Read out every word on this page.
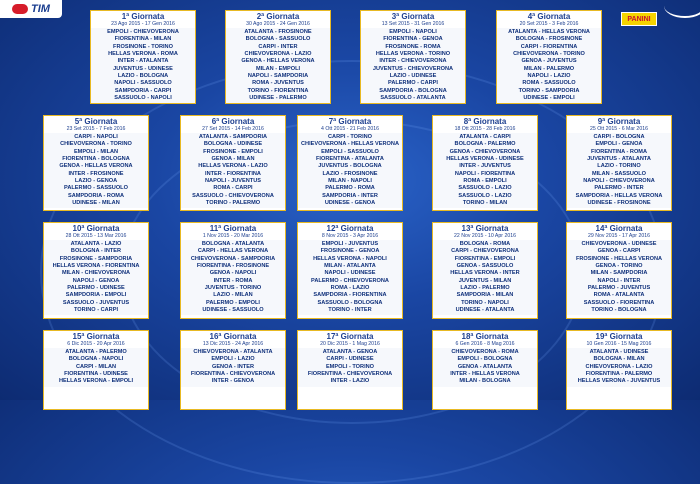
TIM
PANINI
1ª Giornata
23 Ago 2015 - 17 Gen 2016
EMPOLI - CHIEVOVERONA
FIORENTINA - MILAN
FROSINONE - TORINO
HELLAS VERONA - ROMA
INTER - ATALANTA
JUVENTUS - UDINESE
LAZIO - BOLOGNA
NAPOLI - SASSUOLO
SAMPDORIA - CARPI
SASSUOLO - NAPOLI
2ª Giornata
30 Ago 2015 - 24 Gen 2016
ATALANTA - FROSINONE
BOLOGNA - SASSUOLO
CARPI - INTER
CHIEVOVERONA - LAZIO
GENOA - HELLAS VERONA
MILAN - EMPOLI
NAPOLI - SAMPDORIA
ROMA - JUVENTUS
TORINO - FIORENTINA
UDINESE - PALERMO
3ª Giornata
13 Set 2015 - 31 Gen 2016
EMPOLI - NAPOLI
FIORENTINA - GENOA
FROSINONE - ROMA
HELLAS VERONA - TORINO
INTER - CHIEVOVERONA
JUVENTUS - CHIEVOVERONA
LAZIO - UDINESE
PALERMO - CARPI
SAMPDORIA - BOLOGNA
SASSUOLO - ATALANTA
4ª Giornata
20 Set 2015 - 3 Feb 2016
ATALANTA - HELLAS VERONA
BOLOGNA - FROSINONE
CARPI - FIORENTINA
CHIEVOVERONA - TORINO
GENOA - JUVENTUS
MILAN - PALERMO
NAPOLI - LAZIO
ROMA - SASSUOLO
TORINO - SAMPDORIA
UDINESE - EMPOLI
5ª Giornata
23 Set 2015 - 7 Feb 2016
CARPI - NAPOLI
CHIEVOVERONA - TORINO
EMPOLI - MILAN
FIORENTINA - BOLOGNA
GENOA - HELLAS VERONA
INTER - FROSINONE
LAZIO - GENOA
PALERMO - SASSUOLO
SAMPDORIA - ROMA
UDINESE - MILAN
6ª Giornata
27 Set 2015 - 14 Feb 2016
ATALANTA - SAMPDORIA
BOLOGNA - UDINESE
FROSINONE - EMPOLI
GENOA - MILAN
HELLAS VERONA - LAZIO
INTER - FIORENTINA
NAPOLI - JUVENTUS
ROMA - CARPI
SASSUOLO - CHIEVOVERONA
TORINO - PALERMO
7ª Giornata
4 Ott 2015 - 21 Feb 2016
CARPI - TORINO
CHIEVOVERONA - HELLAS VERONA
EMPOLI - SASSUOLO
FIORENTINA - ATALANTA
JUVENTUS - BOLOGNA
LAZIO - FROSINONE
MILAN - NAPOLI
PALERMO - ROMA
SAMPDORIA - INTER
UDINESE - GENOA
8ª Giornata
18 Ott 2015 - 28 Feb 2016
ATALANTA - CARPI
BOLOGNA - PALERMO
GENOA - CHIEVOVERONA
HELLAS VERONA - UDINESE
INTER - JUVENTUS
NAPOLI - FIORENTINA
ROMA - EMPOLI
SASSUOLO - LAZIO
SASSUOLO - LAZIO
TORINO - MILAN
9ª Giornata
25 Ott 2015 - 6 Mar 2016
CARPI - BOLOGNA
EMPOLI - GENOA
FIORENTINA - ROMA
JUVENTUS - ATALANTA
LAZIO - TORINO
MILAN - SASSUOLO
NAPOLI - CHIEVOVERONA
PALERMO - INTER
SAMPDORIA - HELLAS VERONA
UDINESE - FROSINONE
10ª Giornata
28 Ott 2015 - 13 Mar 2016
ATALANTA - LAZIO
BOLOGNA - INTER
FROSINONE - SAMPDORIA
HELLAS VERONA - FIORENTINA
MILAN - CHIEVOVERONA
NAPOLI - GENOA
PALERMO - UDINESE
SAMPDORIA - EMPOLI
SASSUOLO - JUVENTUS
TORINO - CARPI
11ª Giornata
1 Nov 2015 - 20 Mar 2016
BOLOGNA - ATALANTA
CARPI - HELLAS VERONA
CHIEVOVERONA - SAMPDORIA
FIORENTINA - FROSINONE
GENOA - NAPOLI
INTER - ROMA
JUVENTUS - TORINO
LAZIO - MILAN
PALERMO - EMPOLI
UDINESE - SASSUOLO
12ª Giornata
8 Nov 2015 - 3 Apr 2016
EMPOLI - JUVENTUS
FROSINONE - GENOA
HELLAS VERONA - NAPOLI
MILAN - ATALANTA
NAPOLI - UDINESE
PALERMO - CHIEVOVERONA
ROMA - LAZIO
SAMPDORIA - FIORENTINA
SASSUOLO - BOLOGNA
TORINO - INTER
13ª Giornata
22 Nov 2015 - 10 Apr 2016
BOLOGNA - ROMA
CARPI - CHIEVOVERONA
FIORENTINA - EMPOLI
GENOA - SASSUOLO
HELLAS VERONA - INTER
JUVENTUS - MILAN
LAZIO - PALERMO
SAMPDORIA - MILAN
TORINO - NAPOLI
UDINESE - ATALANTA
14ª Giornata
29 Nov 2015 - 17 Apr 2016
CHIEVOVERONA - UDINESE
GENOA - CARPI
FROSINONE - HELLAS VERONA
GENOA - TORINO
MILAN - SAMPDORIA
NAPOLI - INTER
PALERMO - JUVENTUS
ROMA - ATALANTA
SASSUOLO - FIORENTINA
TORINO - BOLOGNA
15ª Giornata
6 Dic 2015 - 20 Apr 2016
ATALANTA - PALERMO
BOLOGNA - NAPOLI
CARPI - MILAN
FIORENTINA - UDINESE
HELLAS VERONA - EMPOLI
16ª Giornata
13 Dic 2015 - 24 Apr 2016
CHIEVOVERONA - ATALANTA
EMPOLI - LAZIO
GENOA - INTER
FIORENTINA - CHIEVOVERONA
INTER - GENOA
17ª Giornata
20 Dic 2015 - 1 Mag 2016
ATALANTA - GENOA
CARPI - UDINESE
EMPOLI - TORINO
FIORENTINA - CHIEVOVERONA
INTER - LAZIO
18ª Giornata
6 Gen 2016 - 8 Mag 2016
CHIEVOVERONA - ROMA
EMPOLI - BOLOGNA
GENOA - ATALANTA
INTER - HELLAS VERONA
MILAN - BOLOGNA
19ª Giornata
10 Gen 2016 - 15 Mag 2016
ATALANTA - UDINESE
BOLOGNA - MILAN
CHIEVOVERONA - LAZIO
FIORENTINA - PALERMO
HELLAS VERONA - JUVENTUS
